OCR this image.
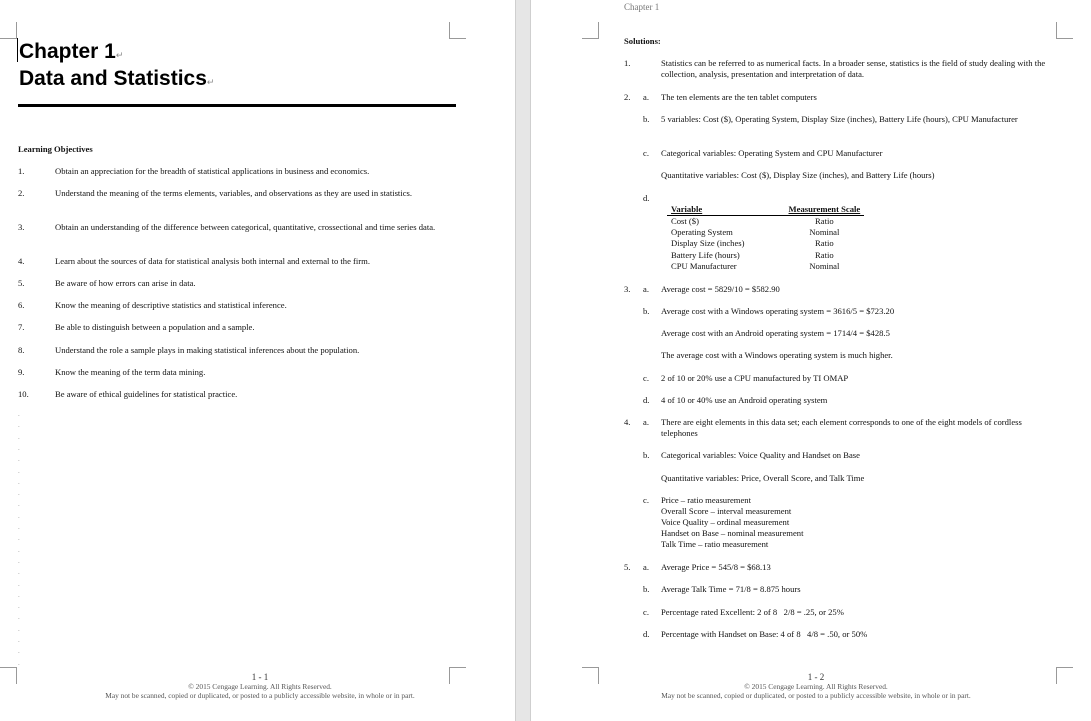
Chapter 1↵
Data and Statistics↵
Learning Objectives
1.	Obtain an appreciation for the breadth of statistical applications in business and economics.
2.	Understand the meaning of the terms elements, variables, and observations as they are used in statistics.
3.	Obtain an understanding of the difference between categorical, quantitative, crossectional and time series data.
4.	Learn about the sources of data for statistical analysis both internal and external to the firm.
5.	Be aware of how errors can arise in data.
6.	Know the meaning of descriptive statistics and statistical inference.
7.	Be able to distinguish between a population and a sample.
8.	Understand the role a sample plays in making statistical inferences about the population.
9.	Know the meaning of the term data mining.
10.	Be aware of ethical guidelines for statistical practice.
.
.
.
.
.
.
.
.
.
.
.
.
.
.
.
.
.
.
.
.
.
.
.
1 - 1
© 2015 Cengage Learning. All Rights Reserved.
May not be scanned, copied or duplicated, or posted to a publicly accessible website, in whole or in part.
Chapter 1
Solutions:
1.	Statistics can be referred to as numerical facts. In a broader sense, statistics is the field of study dealing with the collection, analysis, presentation and interpretation of data.
2. a. The ten elements are the ten tablet computers
b. 5 variables: Cost ($), Operating System, Display Size (inches), Battery Life (hours), CPU Manufacturer
c. Categorical variables: Operating System and CPU Manufacturer
Quantitative variables: Cost ($), Display Size (inches), and Battery Life (hours)
d.
Variable	Measurement Scale
Cost ($)	Ratio
Operating System	Nominal
Display Size (inches)	Ratio
Battery Life (hours)	Ratio
CPU Manufacturer	Nominal
3. a. Average cost = 5829/10 = $582.90
b. Average cost with a Windows operating system = 3616/5 = $723.20
Average cost with an Android operating system = 1714/4 = $428.5
The average cost with a Windows operating system is much higher.
c. 2 of 10 or 20% use a CPU manufactured by TI OMAP
d. 4 of 10 or 40% use an Android operating system
4. a. There are eight elements in this data set; each element corresponds to one of the eight models of cordless telephones
b. Categorical variables: Voice Quality and Handset on Base
Quantitative variables: Price, Overall Score, and Talk Time
c. Price – ratio measurement
Overall Score – interval measurement
Voice Quality – ordinal measurement
Handset on Base – nominal measurement
Talk Time – ratio measurement
5. a. Average Price = 545/8 = $68.13
b. Average Talk Time = 71/8 = 8.875 hours
c. Percentage rated Excellent: 2 of 8   2/8 = .25, or 25%
d. Percentage with Handset on Base: 4 of 8   4/8 = .50, or 50%
1 - 2
© 2015 Cengage Learning. All Rights Reserved.
May not be scanned, copied or duplicated, or posted to a publicly accessible website, in whole or in part.
